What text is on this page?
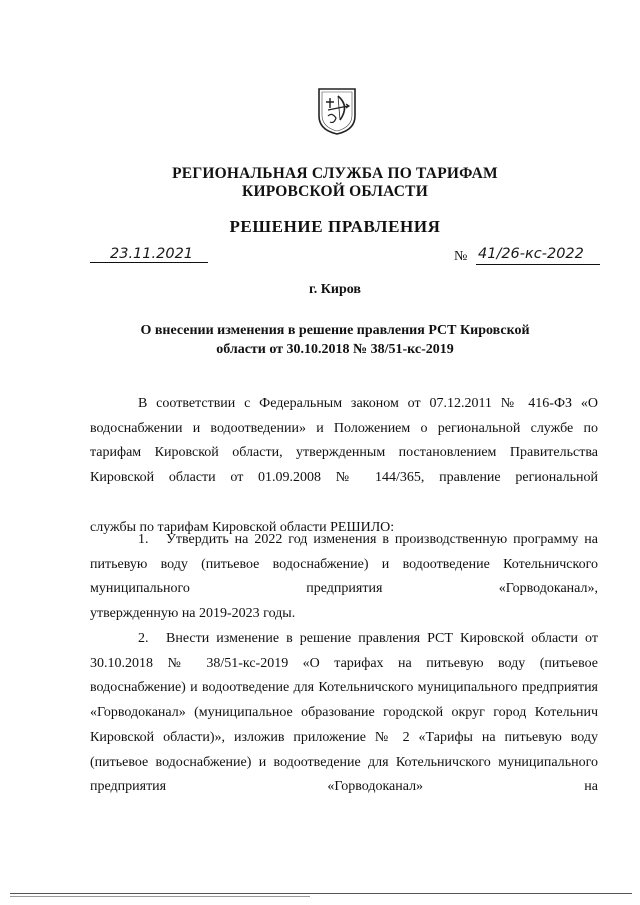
РЕГИОНАЛЬНАЯ СЛУЖБА ПО ТАРИФАМ
КИРОВСКОЙ ОБЛАСТИ
РЕШЕНИЕ ПРАВЛЕНИЯ
23.11.2021	№ 41/26-кс-2022
г. Киров
О внесении изменения в решение правления РСТ Кировской области от 30.10.2018 № 38/51-кс-2019
В соответствии с Федеральным законом от 07.12.2011 № 416-ФЗ «О водоснабжении и водоотведении» и Положением о региональной службе по тарифам Кировской области, утвержденным постановлением Правительства Кировской области от 01.09.2008 № 144/365, правление региональной
службы по тарифам Кировской области РЕШИЛО:
1. Утвердить на 2022 год изменения в производственную программу на питьевую воду (питьевое водоснабжение) и водоотведение Котельничского муниципального предприятия «Горводоканал»,
утвержденную на 2019-2023 годы.
2. Внести изменение в решение правления РСТ Кировской области от 30.10.2018 № 38/51-кс-2019 «О тарифах на питьевую воду (питьевое водоснабжение) и водоотведение для Котельничского муниципального предприятия «Горводоканал» (муниципальное образование городской округ город Котельнич Кировской области)», изложив приложение № 2 «Тарифы на питьевую воду (питьевое водоснабжение) и водоотведение для Котельничского муниципального предприятия «Горводоканал» на
